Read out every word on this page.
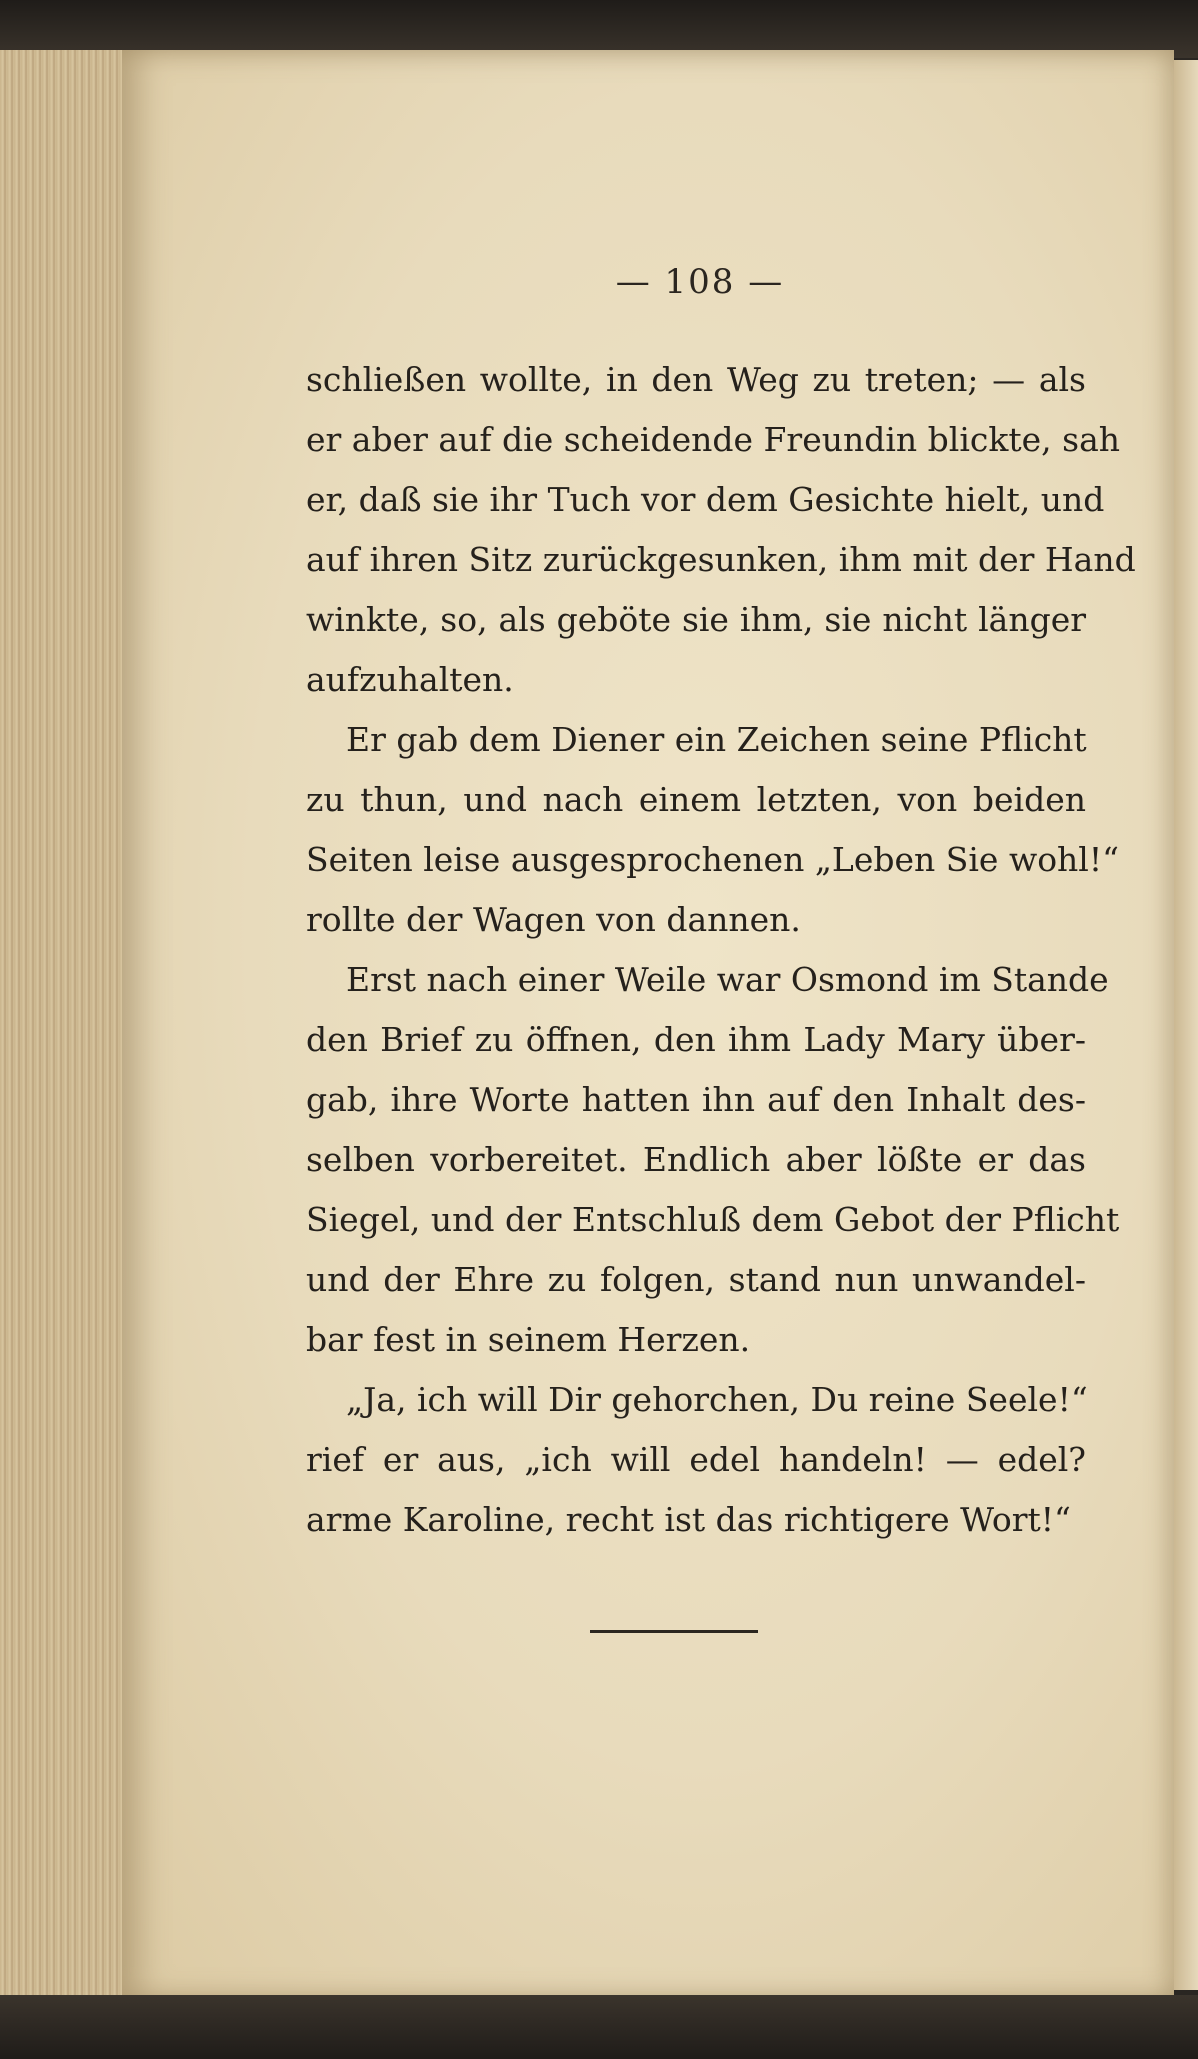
— 108 —
schließen wollte, in den Weg zu treten; — als
er aber auf die scheidende Freundin blickte, sah
er, daß sie ihr Tuch vor dem Gesichte hielt, und
auf ihren Sitz zurückgesunken, ihm mit der Hand
winkte, so, als geböte sie ihm, sie nicht länger
aufzuhalten.
Er gab dem Diener ein Zeichen seine Pflicht
zu thun, und nach einem letzten, von beiden
Seiten leise ausgesprochenen „Leben Sie wohl!“
rollte der Wagen von dannen.
Erst nach einer Weile war Osmond im Stande
den Brief zu öffnen, den ihm Lady Mary über-
gab, ihre Worte hatten ihn auf den Inhalt des-
selben vorbereitet. Endlich aber lößte er das
Siegel, und der Entschluß dem Gebot der Pflicht
und der Ehre zu folgen, stand nun unwandel-
bar fest in seinem Herzen.
„Ja, ich will Dir gehorchen, Du reine Seele!“
rief er aus, „ich will edel handeln! — edel?
arme Karoline, recht ist das richtigere Wort!“
